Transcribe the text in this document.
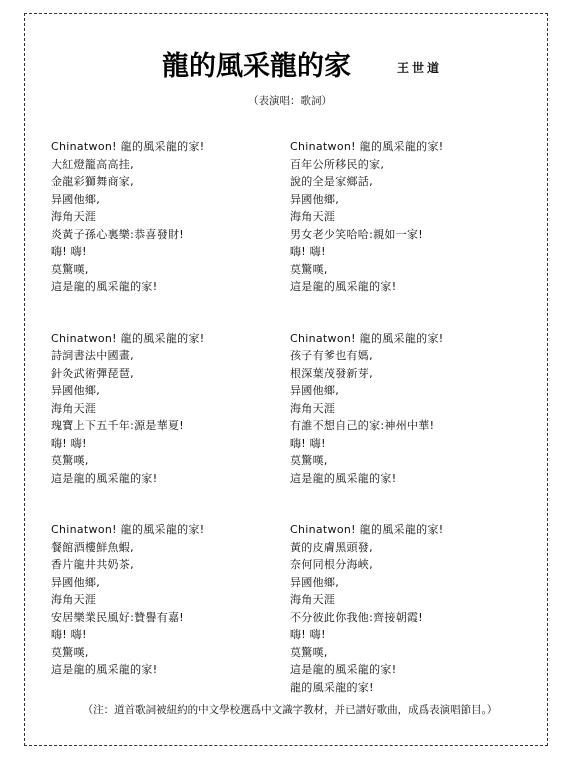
龍的風采龍的家	王世道
（表演唱：歌詞）
Chinatwon! 龍的風采龍的家!
大紅燈籠高高挂,
金龍彩獅舞商家,
异國他鄉,
海角天涯
炎黃子孫心裏樂:恭喜發財!
嗨! 嗨!
莫驚嘆,
這是龍的風采龍的家!
Chinatwon! 龍的風采龍的家!
詩詞書法中國畫,
針灸武術彈琵琶,
异國他鄉,
海角天涯
瑰寶上下五千年:源是華夏!
嗨! 嗨!
莫驚嘆,
這是龍的風采龍的家!
Chinatwon! 龍的風采龍的家!
餐館酒樓鮮魚蝦,
香片龍井共奶茶,
异國他鄉,
海角天涯
安居樂業民風好:贊譽有嘉!
嗨! 嗨!
莫驚嘆,
這是龍的風采龍的家!
Chinatwon! 龍的風采龍的家!
百年公所移民的家,
說的全是家鄉話,
异國他鄉,
海角天涯
男女老少笑哈哈:親如一家!
嗨! 嗨!
莫驚嘆,
這是龍的風采龍的家!
Chinatwon! 龍的風采龍的家!
孩子有爹也有媽,
根深葉茂發新芽,
异國他鄉,
海角天涯
有誰不想自己的家:神州中華!
嗨! 嗨!
莫驚嘆,
這是龍的風采龍的家!
Chinatwon! 龍的風采龍的家!
黃的皮膚黑頭發,
奈何同根分海峽,
异國他鄉,
海角天涯
不分彼此你我他:齊接朝霞!
嗨! 嗨!
莫驚嘆,
這是龍的風采龍的家!
龍的風采龍的家!
（注：道首歌詞被紐約的中文學校選爲中文識字教材，并已譜好歌曲，成爲表演唱節目。）
